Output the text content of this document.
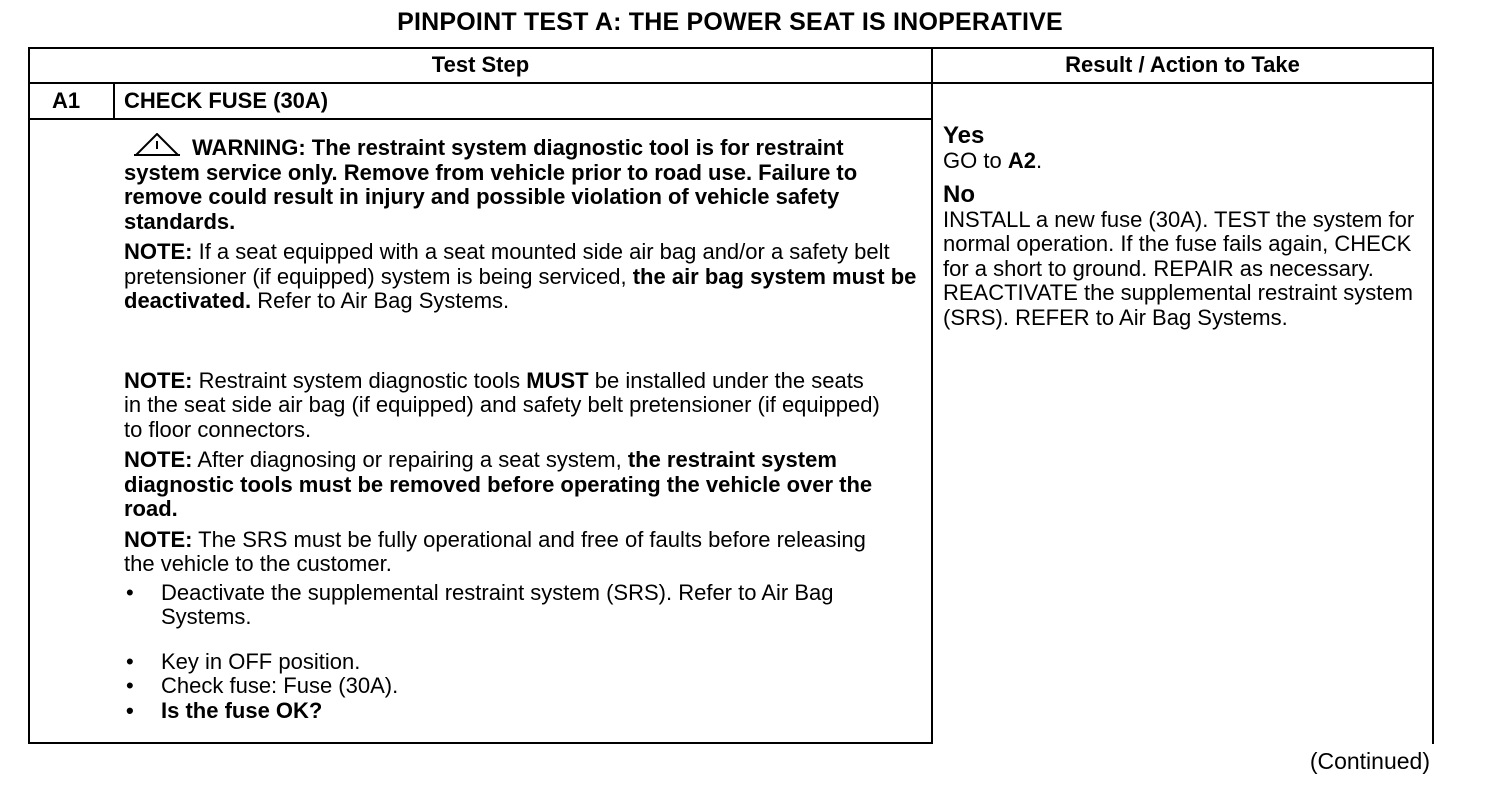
PINPOINT TEST A: THE POWER SEAT IS INOPERATIVE
Test Step	Result / Action to Take
A1 CHECK FUSE (30A)

WARNING: The restraint system diagnostic tool is for restraint system service only. Remove from vehicle prior to road use. Failure to remove could result in injury and possible violation of vehicle safety standards.

NOTE: If a seat equipped with a seat mounted side air bag and/or a safety belt pretensioner (if equipped) system is being serviced, the air bag system must be deactivated. Refer to Air Bag Systems.

NOTE: Restraint system diagnostic tools MUST be installed under the seats in the seat side air bag (if equipped) and safety belt pretensioner (if equipped) to floor connectors.

NOTE: After diagnosing or repairing a seat system, the restraint system diagnostic tools must be removed before operating the vehicle over the road.

NOTE: The SRS must be fully operational and free of faults before releasing the vehicle to the customer.

• Deactivate the supplemental restraint system (SRS). Refer to Air Bag Systems.
• Key in OFF position.
• Check fuse: Fuse (30A).
• Is the fuse OK?
Yes
GO to A2.
No
INSTALL a new fuse (30A). TEST the system for normal operation. If the fuse fails again, CHECK for a short to ground. REPAIR as necessary. REACTIVATE the supplemental restraint system (SRS). REFER to Air Bag Systems.
(Continued)
